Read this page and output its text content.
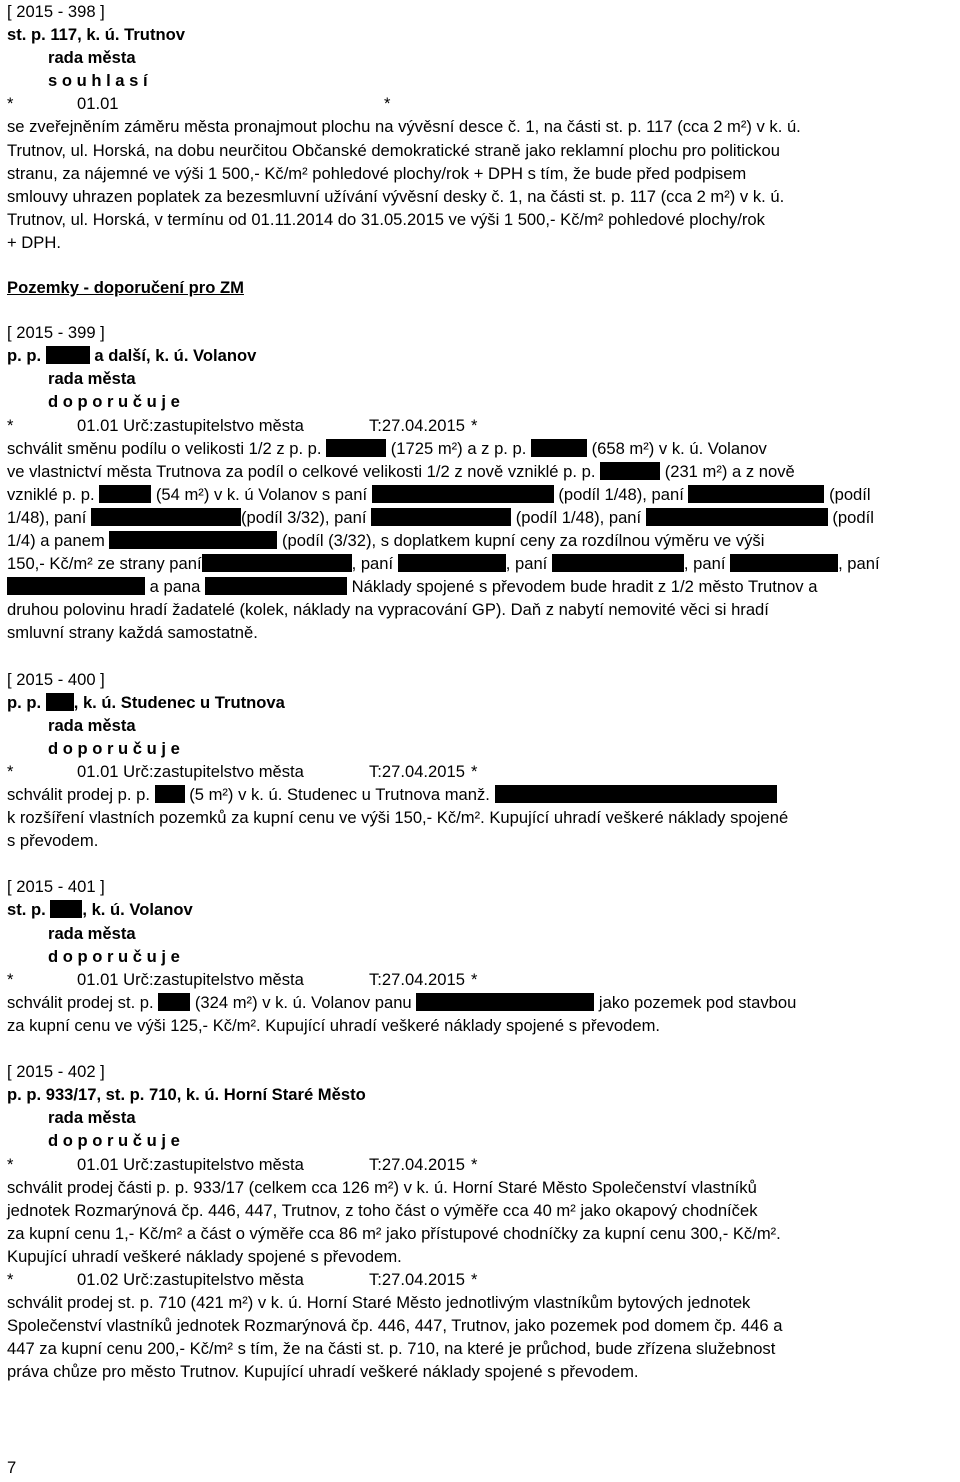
[ 2015 - 398 ]
st. p. 117, k. ú. Trutnov
rada města
s o u h l a s í
*	01.01	*
se zveřejněním záměru města pronajmout plochu na vývěsní desce č. 1, na části st. p. 117 (cca 2 m²) v k. ú.
Trutnov, ul. Horská, na dobu neurčitou Občanské demokratické straně jako reklamní plochu pro politickou
stranu, za nájemné ve výši 1 500,- Kč/m² pohledové plochy/rok + DPH s tím, že bude před podpisem
smlouvy uhrazen poplatek za bezesmluvní užívání vývěsní desky č. 1, na části st. p. 117 (cca 2 m²) v k. ú.
Trutnov, ul. Horská, v termínu od 01.11.2014 do 31.05.2015 ve výši 1 500,- Kč/m² pohledové plochy/rok
+ DPH.
Pozemky - doporučení pro ZM
[ 2015 - 399 ]
p. p.	a další, k. ú. Volanov
rada města
d o p o r u č u j e
*	01.01 Urč:zastupitelstvo města	T:27.04.2015 *
schválit směnu podílu o velikosti 1/2 z p. p.	(1725 m²) a z p. p.	(658 m²) v k. ú. Volanov
ve vlastnictví města Trutnova za podíl o celkové velikosti 1/2 z nově vzniklé p. p.	(231 m²) a z nově
vzniklé p. p.	(54 m²) v k. ú Volanov s paní	(podíl 1/48), paní	(podíl
1/48), paní	(podíl 3/32), paní	(podíl 1/48), paní	(podíl
1/4) a panem	(podíl (3/32), s doplatkem kupní ceny za rozdílnou výměru ve výši
150,- Kč/m² ze strany paní	, paní	, paní	, paní	, paní
a pana	Náklady spojené s převodem bude hradit z 1/2 město Trutnov a
druhou polovinu hradí žadatelé (kolek, náklady na vypracování GP). Daň z nabytí nemovité věci si hradí
smluvní strany každá samostatně.
[ 2015 - 400 ]
p. p. , k. ú. Studenec u Trutnova
rada města
d o p o r u č u j e
*	01.01 Urč:zastupitelstvo města	T:27.04.2015 *
schválit prodej p. p. (5 m²) v k. ú. Studenec u Trutnova manž.
k rozšíření vlastních pozemků za kupní cenu ve výši 150,- Kč/m². Kupující uhradí veškeré náklady spojené
s převodem.
[ 2015 - 401 ]
st. p. , k. ú. Volanov
rada města
d o p o r u č u j e
*	01.01 Urč:zastupitelstvo města	T:27.04.2015 *
schválit prodej st. p. (324 m²) v k. ú. Volanov panu	jako pozemek pod stavbou
za kupní cenu ve výši 125,- Kč/m². Kupující uhradí veškeré náklady spojené s převodem.
[ 2015 - 402 ]
p. p. 933/17, st. p. 710, k. ú. Horní Staré Město
rada města
d o p o r u č u j e
*	01.01 Urč:zastupitelstvo města	T:27.04.2015 *
schválit prodej části p. p. 933/17 (celkem cca 126 m²) v k. ú. Horní Staré Město Společenství vlastníků
jednotek Rozmarýnová čp. 446, 447, Trutnov, z toho část o výměře cca 40 m² jako okapový chodníček
za kupní cenu 1,- Kč/m² a část o výměře cca 86 m² jako přístupové chodníčky za kupní cenu 300,- Kč/m².
Kupující uhradí veškeré náklady spojené s převodem.
*	01.02 Urč:zastupitelstvo města	T:27.04.2015 *
schválit prodej st. p. 710 (421 m²) v k. ú. Horní Staré Město jednotlivým vlastníkům bytových jednotek
Společenství vlastníků jednotek Rozmarýnová čp. 446, 447, Trutnov, jako pozemek pod domem čp. 446 a
447 za kupní cenu 200,- Kč/m² s tím, že na části st. p. 710, na které je průchod, bude zřízena služebnost
práva chůze pro město Trutnov. Kupující uhradí veškeré náklady spojené s převodem.
7
